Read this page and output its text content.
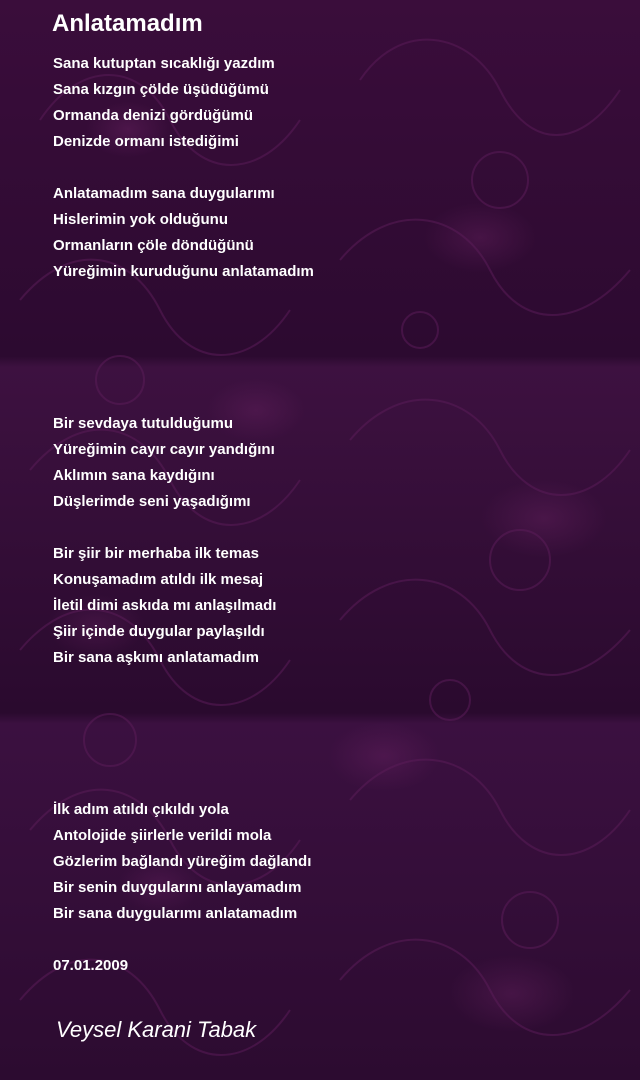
Anlatamadım
Sana kutuptan sıcaklığı yazdım
Sana kızgın çölde üşüdüğümü
Ormanda denizi gördüğümü
Denizde ormanı istediğimi
Anlatamadım sana duygularımı
Hislerimin yok olduğunu
Ormanların çöle döndüğünü
Yüreğimin kuruduğunu anlatamadım
Bir sevdaya tutulduğumu
Yüreğimin cayır cayır yandığını
Aklımın sana kaydığını
Düşlerimde seni yaşadığımı
Bir şiir bir merhaba ilk temas
Konuşamadım atıldı ilk mesaj
İletil dimi askıda mı anlaşılmadı
Şiir içinde duygular paylaşıldı
Bir sana aşkımı anlatamadım
İlk adım atıldı çıkıldı yola
Antolojide şiirlerle verildi mola
Gözlerim bağlandı yüreğim dağlandı
Bir senin duygularını anlayamadım
Bir sana duygularımı anlatamadım
07.01.2009
Veysel Karani Tabak
